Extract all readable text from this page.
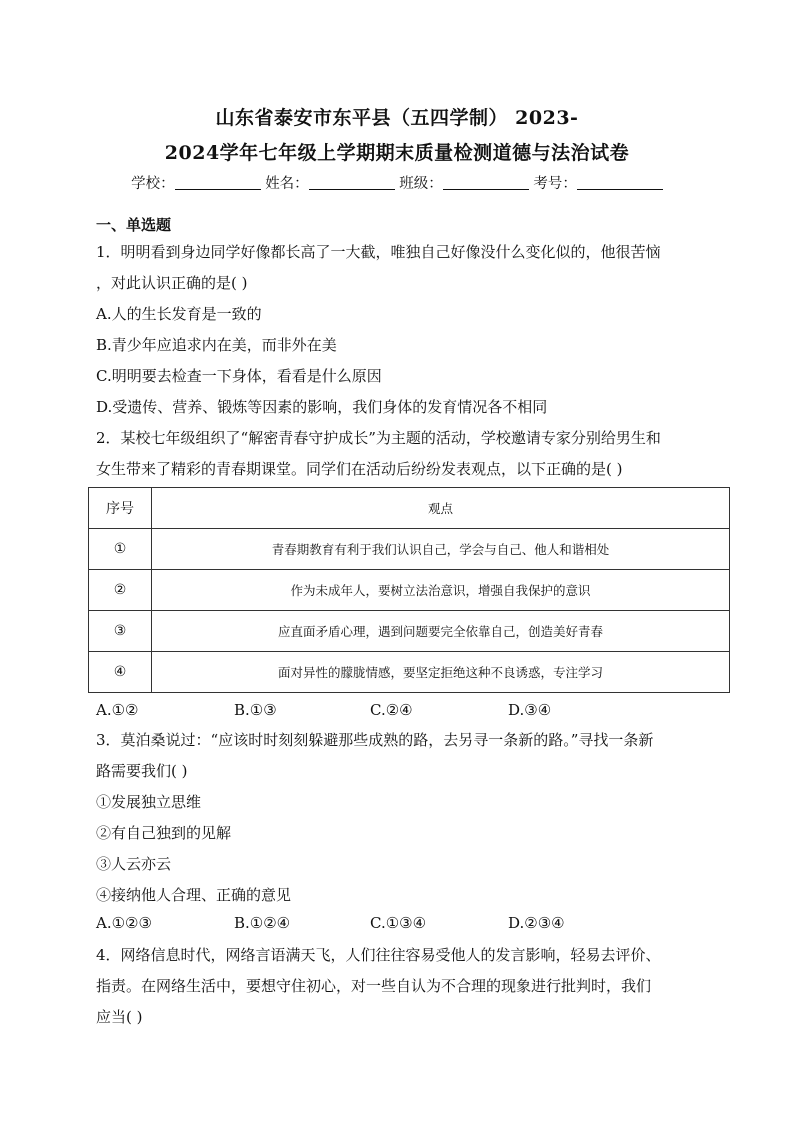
山东省泰安市东平县（五四学制） 2023-
2024学年七年级上学期期末质量检测道德与法治试卷
学校：	姓名：	班级：	考号：
一、单选题
1．明明看到身边同学好像都长高了一大截，唯独自己好像没什么变化似的，他很苦恼
，对此认识正确的是( )
A.人的生长发育是一致的
B.青少年应追求内在美，而非外在美
C.明明要去检查一下身体，看看是什么原因
D.受遗传、营养、锻炼等因素的影响，我们身体的发育情况各不相同
2．某校七年级组织了“解密青春守护成长”为主题的活动，学校邀请专家分别给男生和
女生带来了精彩的青春期课堂。同学们在活动后纷纷发表观点，以下正确的是( )
序号	观点
①	青春期教育有利于我们认识自己，学会与自己、他人和谐相处
②	作为未成年人，要树立法治意识，增强自我保护的意识
③	应直面矛盾心理，遇到问题要完全依靠自己，创造美好青春
④	面对异性的朦胧情感，要坚定拒绝这种不良诱惑，专注学习
A.①②	B.①③	C.②④	D.③④
3．莫泊桑说过：“应该时时刻刻躲避那些成熟的路，去另寻一条新的路。”寻找一条新
路需要我们( )
①发展独立思维
②有自己独到的见解
③人云亦云
④接纳他人合理、正确的意见
A.①②③	B.①②④	C.①③④	D.②③④
4．网络信息时代，网络言语满天飞，人们往往容易受他人的发言影响，轻易去评价、
指责。在网络生活中，要想守住初心，对一些自认为不合理的现象进行批判时，我们
应当( )
